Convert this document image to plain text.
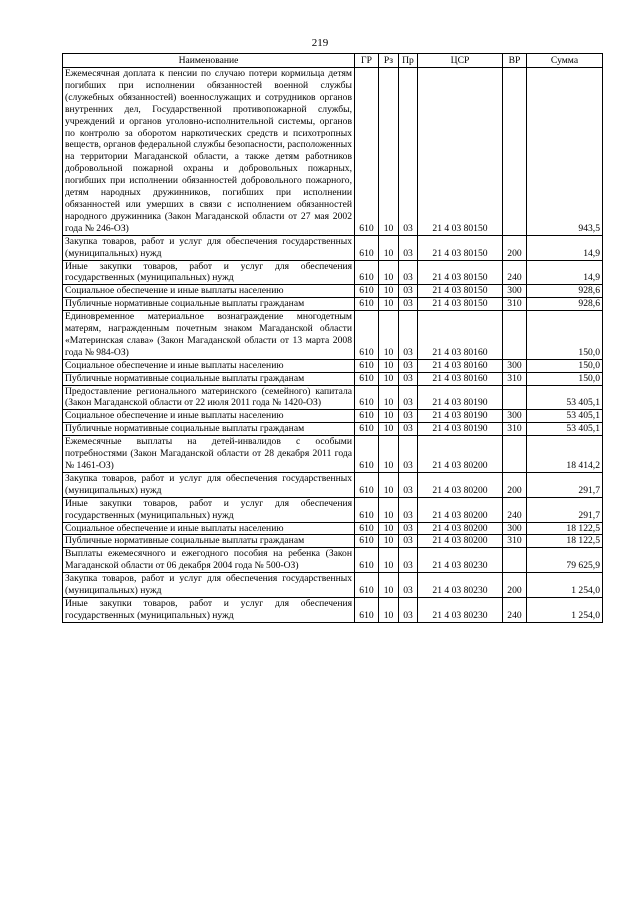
219
Наименование	ГР	Рз	Пр	ЦСР	ВР	Сумма
Ежемесячная доплата к пенсии по случаю потери кормильца детям погибших при исполнении обязанностей военной службы (служебных обязанностей) военнослужащих и сотрудников органов внутренних дел, Государственной противопожарной службы, учреждений и органов уголовно-исполнительной системы, органов по контролю за оборотом наркотических средств и психотропных веществ, органов федеральной службы безопасности, расположенных на территории Магаданской области, а также детям работников добровольной пожарной охраны и добровольных пожарных, погибших при исполнении обязанностей добровольного пожарного, детям народных дружинников, погибших при исполнении обязанностей или умерших в связи с исполнением обязанностей народного дружинника (Закон Магаданской области от 27 мая 2002 года № 246-ОЗ)	610	10	03	21 4 03 80150		943,5
Закупка товаров, работ и услуг для обеспечения государственных (муниципальных) нужд	610	10	03	21 4 03 80150	200	14,9
Иные закупки товаров, работ и услуг для обеспечения государственных (муниципальных) нужд	610	10	03	21 4 03 80150	240	14,9
Социальное обеспечение и иные выплаты населению	610	10	03	21 4 03 80150	300	928,6
Публичные нормативные социальные выплаты гражданам	610	10	03	21 4 03 80150	310	928,6
Единовременное материальное вознаграждение многодетным матерям, награжденным почетным знаком Магаданской области «Материнская слава» (Закон Магаданской области от 13 марта 2008 года № 984-ОЗ)	610	10	03	21 4 03 80160		150,0
Социальное обеспечение и иные выплаты населению	610	10	03	21 4 03 80160	300	150,0
Публичные нормативные социальные выплаты гражданам	610	10	03	21 4 03 80160	310	150,0
Предоставление регионального материнского (семейного) капитала (Закон Магаданской области от 22 июля 2011 года № 1420-ОЗ)	610	10	03	21 4 03 80190		53 405,1
Социальное обеспечение и иные выплаты населению	610	10	03	21 4 03 80190	300	53 405,1
Публичные нормативные социальные выплаты гражданам	610	10	03	21 4 03 80190	310	53 405,1
Ежемесячные выплаты на детей-инвалидов с особыми потребностями (Закон Магаданской области от 28 декабря 2011 года № 1461-ОЗ)	610	10	03	21 4 03 80200		18 414,2
Закупка товаров, работ и услуг для обеспечения государственных (муниципальных) нужд	610	10	03	21 4 03 80200	200	291,7
Иные закупки товаров, работ и услуг для обеспечения государственных (муниципальных) нужд	610	10	03	21 4 03 80200	240	291,7
Социальное обеспечение и иные выплаты населению	610	10	03	21 4 03 80200	300	18 122,5
Публичные нормативные социальные выплаты гражданам	610	10	03	21 4 03 80200	310	18 122,5
Выплаты ежемесячного и ежегодного пособия на ребенка (Закон Магаданской области от 06 декабря 2004 года № 500-ОЗ)	610	10	03	21 4 03 80230		79 625,9
Закупка товаров, работ и услуг для обеспечения государственных (муниципальных) нужд	610	10	03	21 4 03 80230	200	1 254,0
Иные закупки товаров, работ и услуг для обеспечения государственных (муниципальных) нужд	610	10	03	21 4 03 80230	240	1 254,0
